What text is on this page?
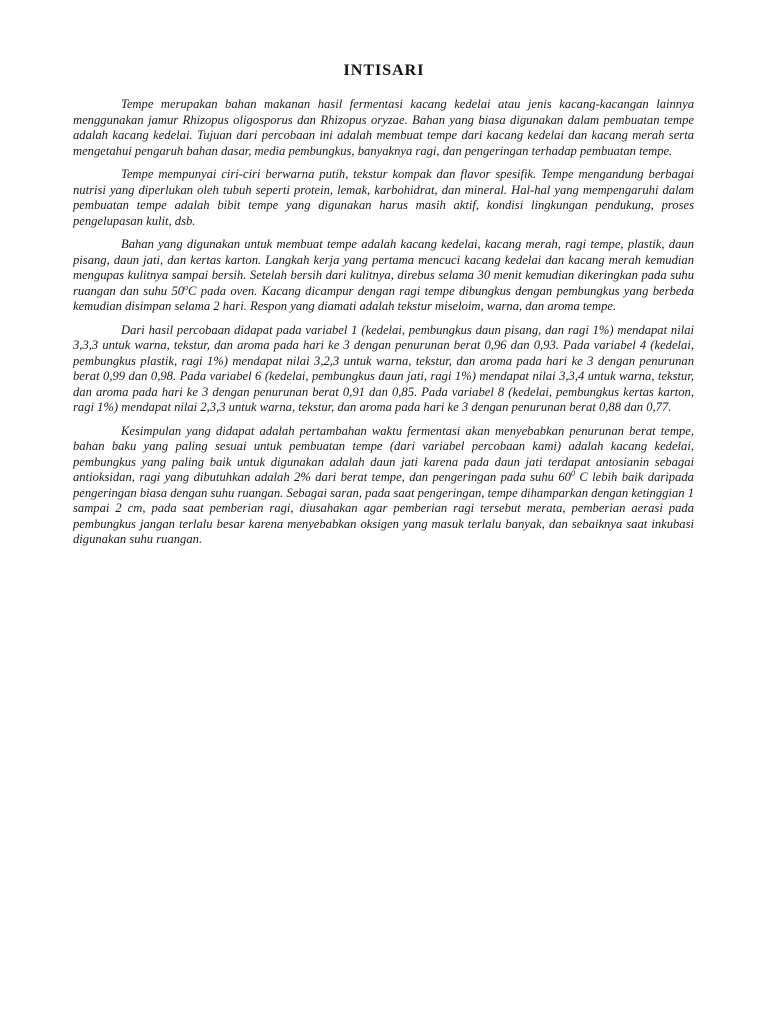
INTISARI

Tempe merupakan bahan makanan hasil fermentasi kacang kedelai atau jenis kacang-kacangan lainnya menggunakan jamur Rhizopus oligosporus dan Rhizopus oryzae. Bahan yang biasa digunakan dalam pembuatan tempe adalah kacang kedelai. Tujuan dari percobaan ini adalah membuat tempe dari kacang kedelai dan kacang merah serta mengetahui pengaruh bahan dasar, media pembungkus, banyaknya ragi, dan pengeringan terhadap pembuatan tempe.

Tempe mempunyai ciri-ciri berwarna putih, tekstur kompak dan flavor spesifik. Tempe mengandung berbagai nutrisi yang diperlukan oleh tubuh seperti protein, lemak, karbohidrat, dan mineral. Hal-hal yang mempengaruhi dalam pembuatan tempe adalah bibit tempe yang digunakan harus masih aktif, kondisi lingkungan pendukung, proses pengelupasan kulit, dsb.

Bahan yang digunakan untuk membuat tempe adalah kacang kedelai, kacang merah, ragi tempe, plastik, daun pisang, daun jati, dan kertas karton. Langkah kerja yang pertama mencuci kacang kedelai dan kacang merah kemudian mengupas kulitnya sampai bersih. Setelah bersih dari kulitnya, direbus selama 30 menit kemudian dikeringkan pada suhu ruangan dan suhu 50$^o$C pada oven. Kacang dicampur dengan ragi tempe dibungkus dengan pembungkus yang berbeda kemudian disimpan selama 2 hari. Respon yang diamati adalah tekstur miseloim, warna, dan aroma tempe.

Dari hasil percobaan didapat pada variabel 1 (kedelai, pembungkus daun pisang, dan ragi 1%) mendapat nilai 3,3,3 untuk warna, tekstur, dan aroma pada hari ke 3 dengan penurunan berat 0,96 dan 0,93. Pada variabel 4 (kedelai, pembungkus plastik, ragi 1%) mendapat nilai 3,2,3 untuk warna, tekstur, dan aroma pada hari ke 3 dengan penurunan berat 0,99 dan 0,98. Pada variabel 6 (kedelai, pembungkus daun jati, ragi 1%) mendapat nilai 3,3,4 untuk warna, tekstur, dan aroma pada hari ke 3 dengan penurunan berat 0,91 dan 0,85. Pada variabel 8 (kedelai, pembungkus kertas karton, ragi 1%) mendapat nilai 2,3,3 untuk warna, tekstur, dan aroma pada hari ke 3 dengan penurunan berat 0,88 dan 0,77.

Kesimpulan yang didapat adalah pertambahan waktu fermentasi akan menyebabkan penurunan berat tempe, bahan baku yang paling sesuai untuk pembuatan tempe (dari variabel percobaan kami) adalah kacang kedelai, pembungkus yang paling baik untuk digunakan adalah daun jati karena pada daun jati terdapat antosianin sebagai antioksidan, ragi yang dibutuhkan adalah 2% dari berat tempe, dan pengeringan pada suhu $60^0$ C lebih baik daripada pengeringan biasa dengan suhu ruangan. Sebagai saran, pada saat pengeringan, tempe dihamparkan dengan ketinggian 1 sampai 2 cm, pada saat pemberian ragi, diusahakan agar pemberian ragi tersebut merata, pemberian aerasi pada pembungkus jangan terlalu besar karena menyebabkan oksigen yang masuk terlalu banyak, dan sebaiknya saat inkubasi digunakan suhu ruangan.
